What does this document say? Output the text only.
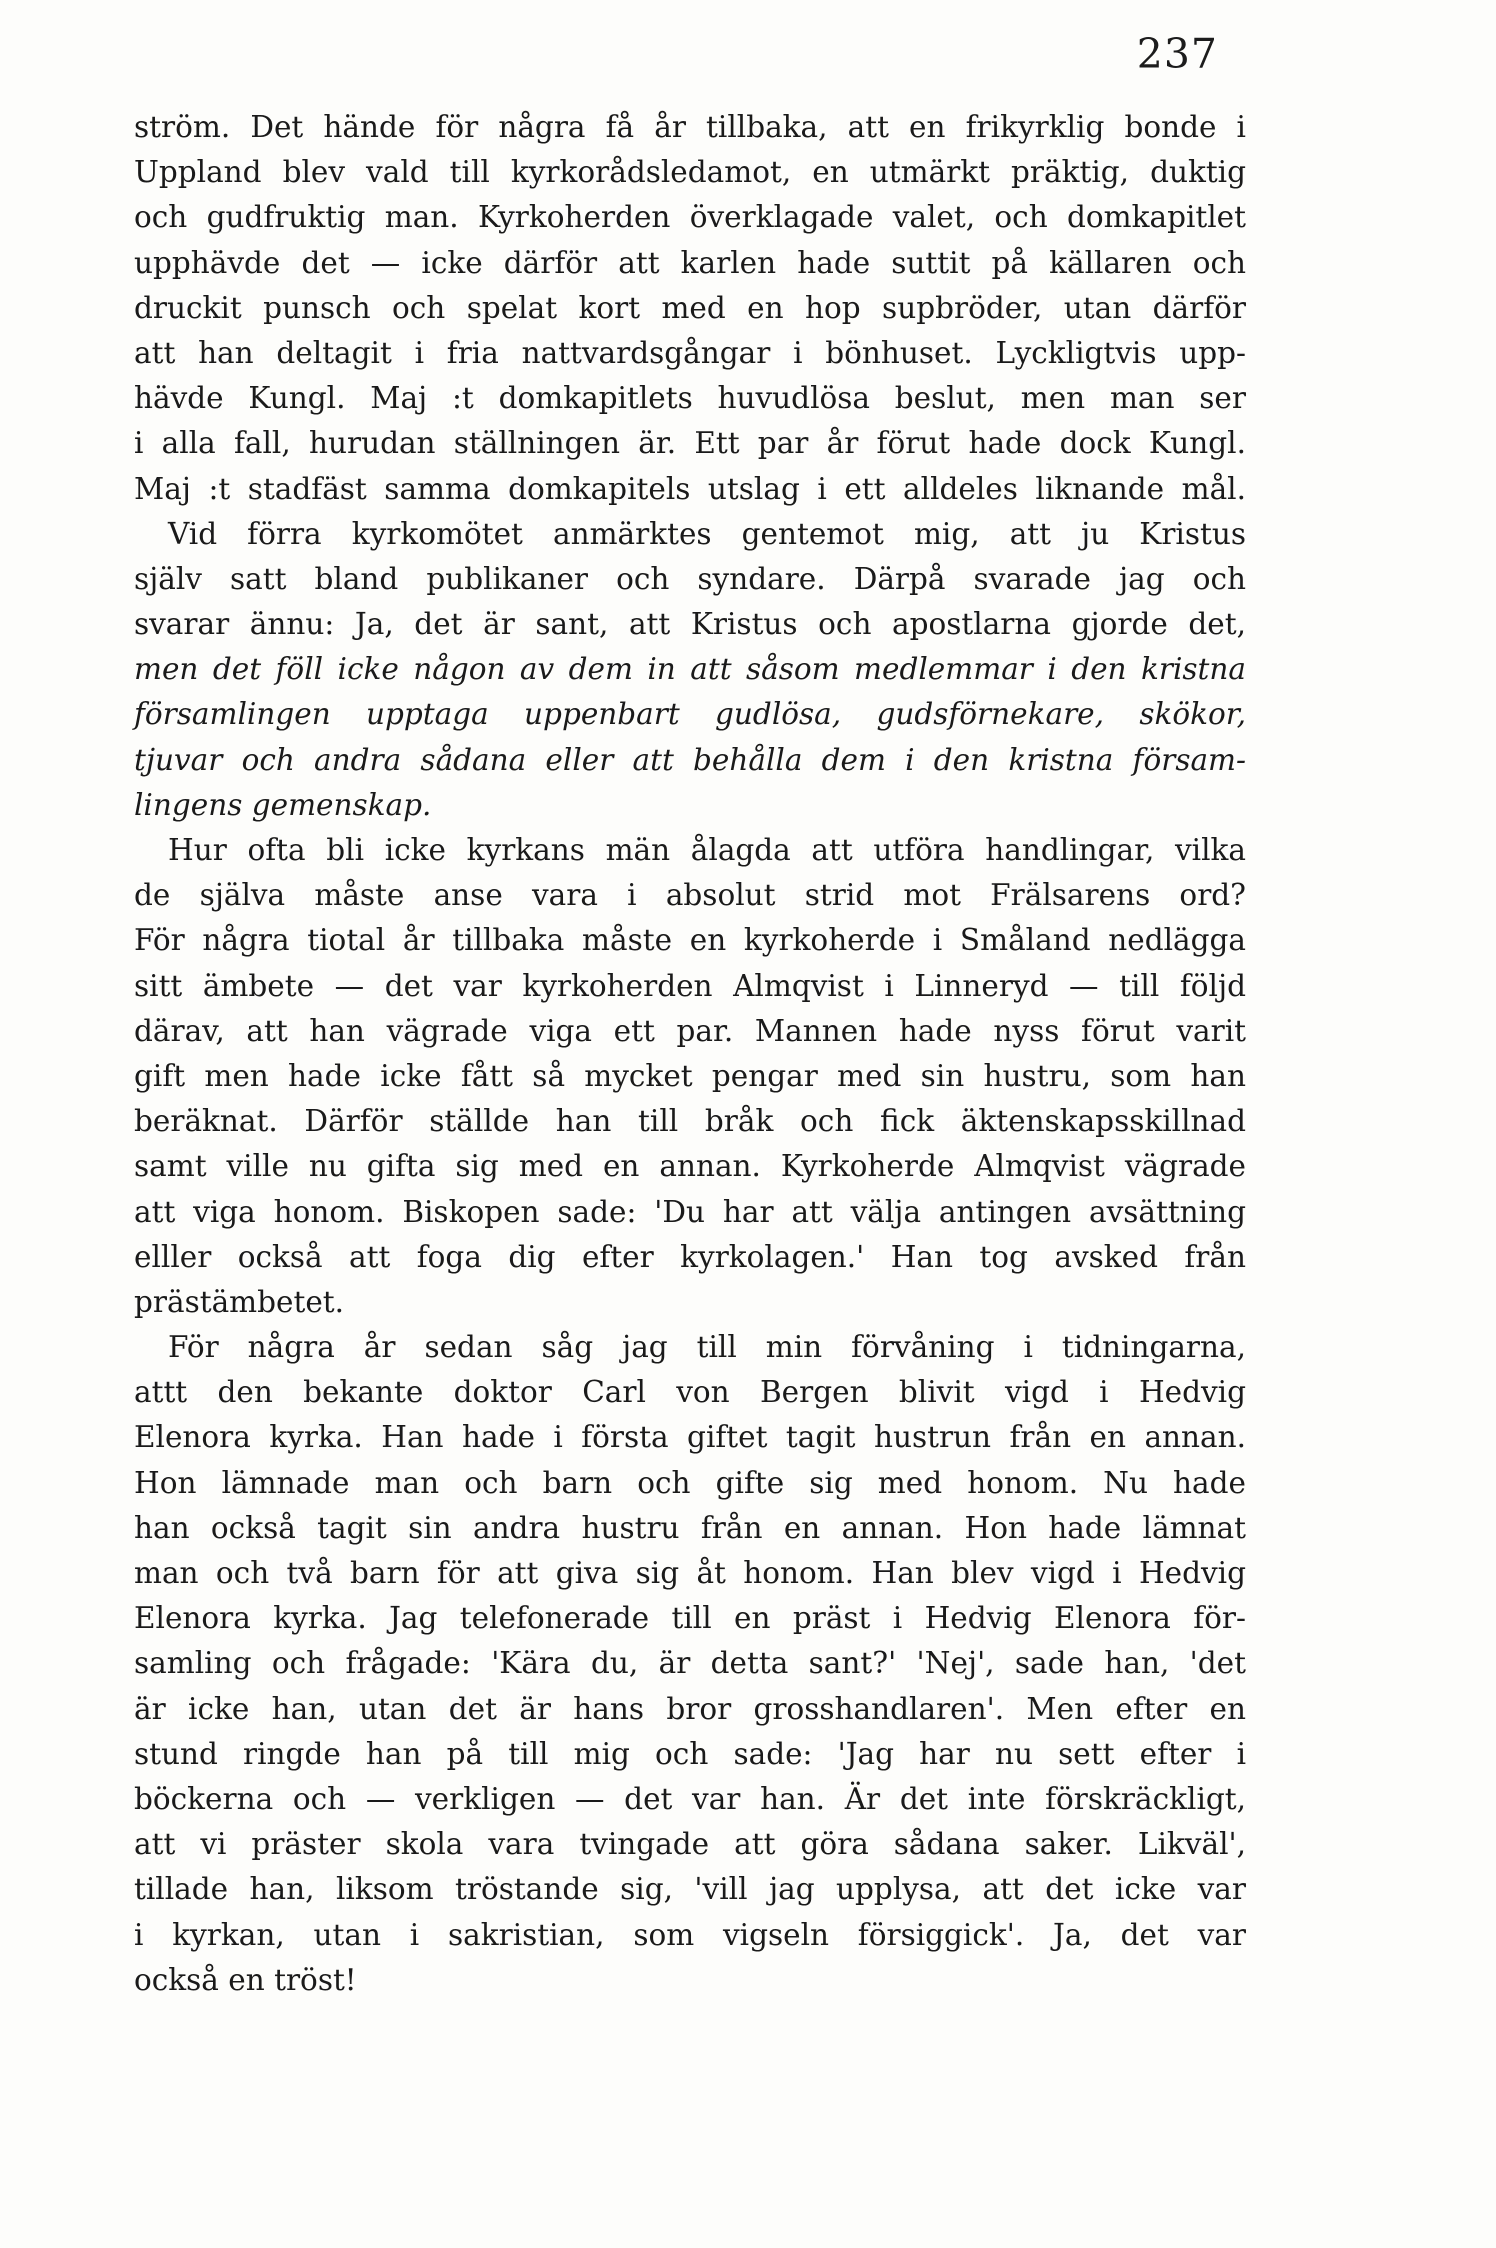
237
ström. Det hände för några få år tillbaka, att en frikyrklig bonde i
Uppland blev vald till kyrkorådsledamot, en utmärkt präktig, duktig
och gudfruktig man. Kyrkoherden överklagade valet, och domkapitlet
upphävde det — icke därför att karlen hade suttit på källaren och
druckit punsch och spelat kort med en hop supbröder, utan därför
att han deltagit i fria nattvardsgångar i bönhuset. Lyckligtvis upp-
hävde Kungl. Maj :t domkapitlets huvudlösa beslut, men man ser
i alla fall, hurudan ställningen är. Ett par år förut hade dock Kungl.
Maj :t stadfäst samma domkapitels utslag i ett alldeles liknande mål.
Vid förra kyrkomötet anmärktes gentemot mig, att ju Kristus
själv satt bland publikaner och syndare. Därpå svarade jag och
svarar ännu: Ja, det är sant, att Kristus och apostlarna gjorde det,
men det föll icke någon av dem in att såsom medlemmar i den kristna
församlingen upptaga uppenbart gudlösa, gudsförnekare, skökor,
tjuvar och andra sådana eller att behålla dem i den kristna försam-
lingens gemenskap.
Hur ofta bli icke kyrkans män ålagda att utföra handlingar, vilka
de själva måste anse vara i absolut strid mot Frälsarens ord?
För några tiotal år tillbaka måste en kyrkoherde i Småland nedlägga
sitt ämbete — det var kyrkoherden Almqvist i Linneryd — till följd
därav, att han vägrade viga ett par. Mannen hade nyss förut varit
gift men hade icke fått så mycket pengar med sin hustru, som han
beräknat. Därför ställde han till bråk och fick äktenskapsskillnad
samt ville nu gifta sig med en annan. Kyrkoherde Almqvist vägrade
att viga honom. Biskopen sade: 'Du har att välja antingen avsättning
elller också att foga dig efter kyrkolagen.' Han tog avsked från
prästämbetet.
För några år sedan såg jag till min förvåning i tidningarna,
attt den bekante doktor Carl von Bergen blivit vigd i Hedvig
Elenora kyrka. Han hade i första giftet tagit hustrun från en annan.
Hon lämnade man och barn och gifte sig med honom. Nu hade
han också tagit sin andra hustru från en annan. Hon hade lämnat
man och två barn för att giva sig åt honom. Han blev vigd i Hedvig
Elenora kyrka. Jag telefonerade till en präst i Hedvig Elenora för-
samling och frågade: 'Kära du, är detta sant?' 'Nej', sade han, 'det
är icke han, utan det är hans bror grosshandlaren'. Men efter en
stund ringde han på till mig och sade: 'Jag har nu sett efter i
böckerna och — verkligen — det var han. Är det inte förskräckligt,
att vi präster skola vara tvingade att göra sådana saker. Likväl',
tillade han, liksom tröstande sig, 'vill jag upplysa, att det icke var
i kyrkan, utan i sakristian, som vigseln försiggick'. Ja, det var
också en tröst!
